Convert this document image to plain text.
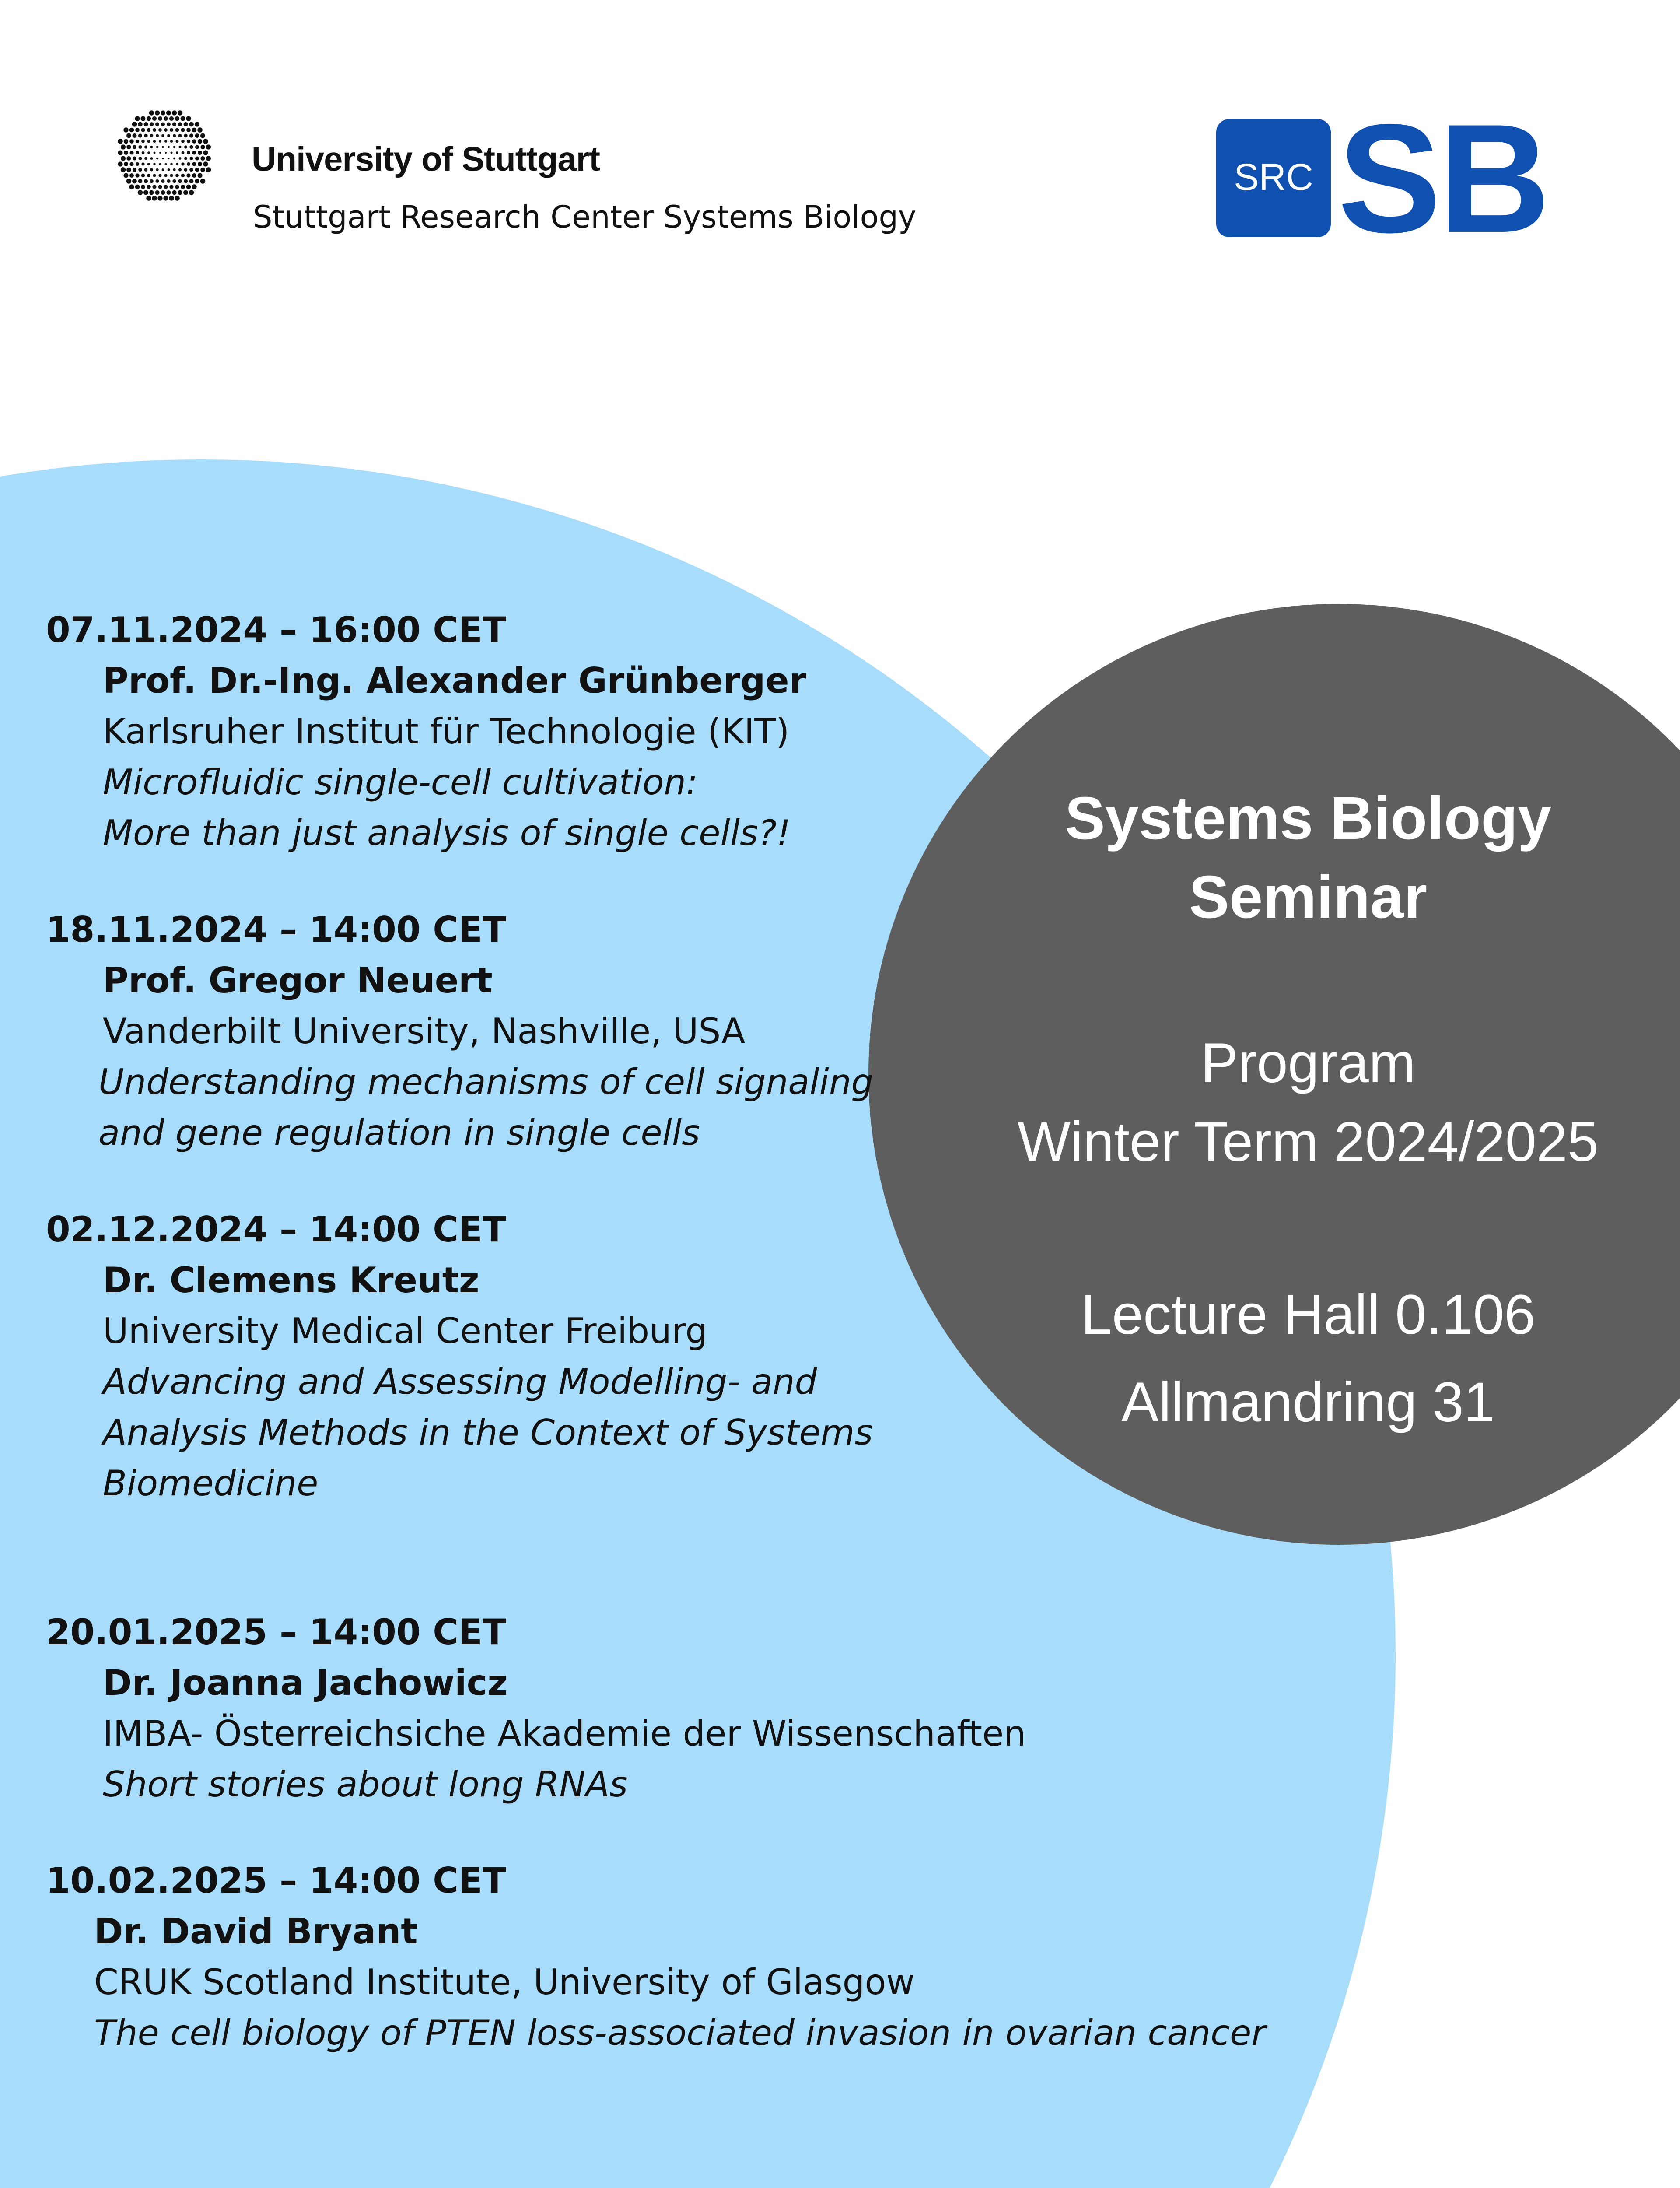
University of Stuttgart
Stuttgart Research Center Systems Biology
SRC SB
07.11.2024 – 16:00 CET
Prof. Dr.-Ing. Alexander Grünberger
Karlsruher Institut für Technologie (KIT)
Microfluidic single-cell cultivation:
More than just analysis of single cells?!
18.11.2024 – 14:00 CET
Prof. Gregor Neuert
Vanderbilt University, Nashville, USA
Understanding mechanisms of cell signaling
and gene regulation in single cells
02.12.2024 – 14:00 CET
Dr. Clemens Kreutz
University Medical Center Freiburg
Advancing and Assessing Modelling- and
Analysis Methods in the Context of Systems
Biomedicine
20.01.2025 – 14:00 CET
Dr. Joanna Jachowicz
IMBA- Österreichsiche Akademie der Wissenschaften
Short stories about long RNAs
10.02.2025 – 14:00 CET
Dr. David Bryant
CRUK Scotland Institute, University of Glasgow
The cell biology of PTEN loss-associated invasion in ovarian cancer
Systems Biology
Seminar
Program
Winter Term 2024/2025
Lecture Hall 0.106
Allmandring 31
